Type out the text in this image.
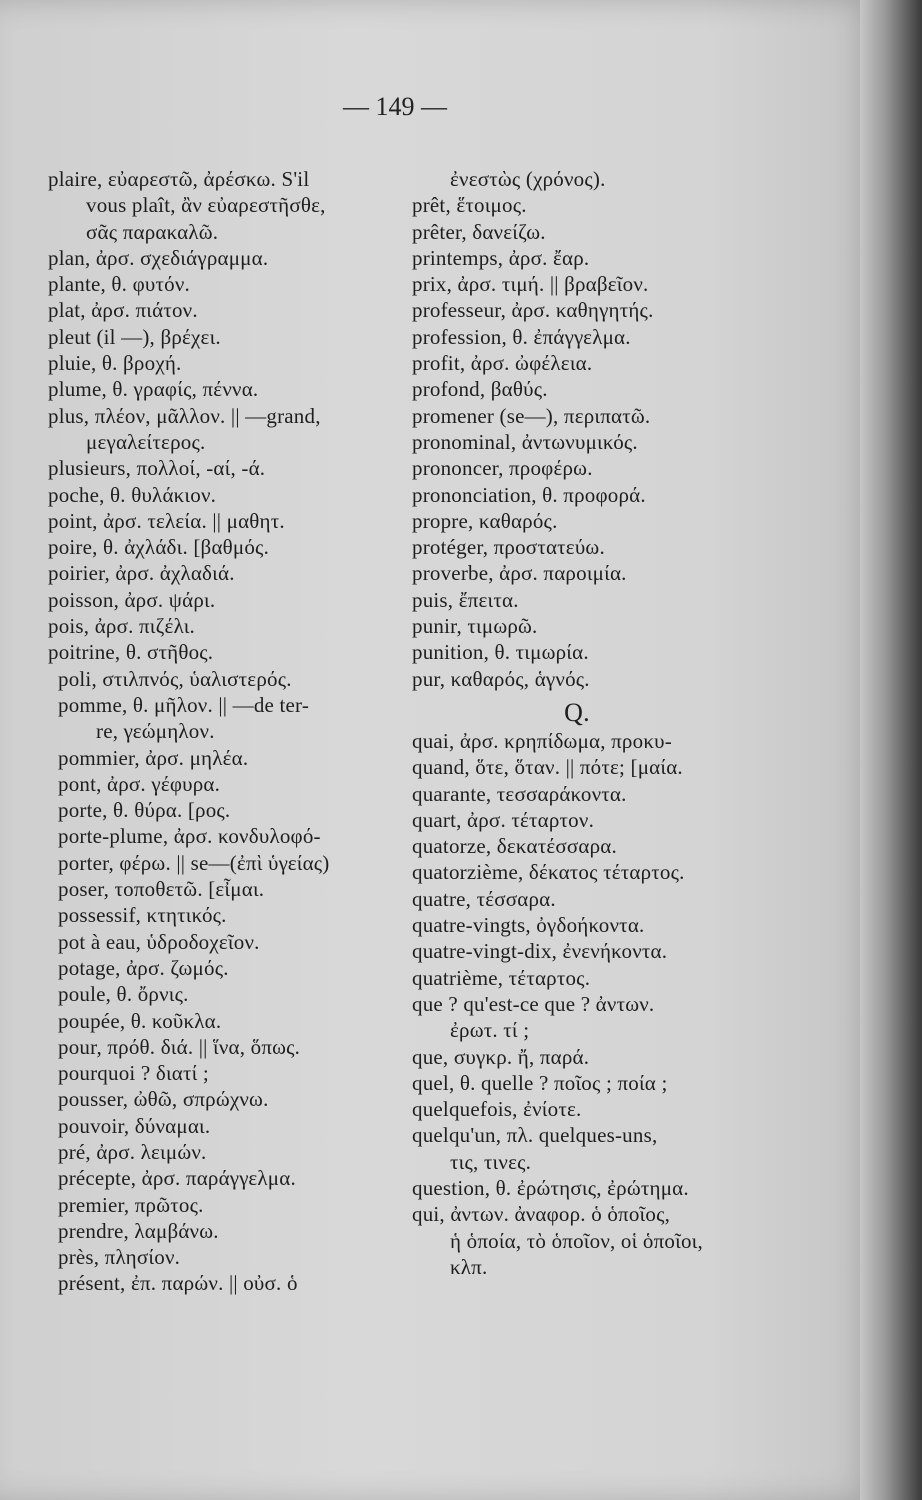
— 149 —
plaire, εὐαρεστῶ, ἀρέσκω. S'il
vous plaît, ἂν εὐαρεστῆσθε,
σᾶς παρακαλῶ.
plan, ἀρσ. σχεδιάγραμμα.
plante, θ. φυτόν.
plat, ἀρσ. πιάτον.
pleut (il —), βρέχει.
pluie, θ. βροχή.
plume, θ. γραφίς, πέννα.
plus, πλέον, μᾶλλον. || —grand,
μεγαλείτερος.
plusieurs, πολλοί, -αί, -ά.
poche, θ. θυλάκιον.
point, ἀρσ. τελεία. || μαθητ.
poire, θ. ἀχλάδι. [βαθμός.
poirier, ἀρσ. ἀχλαδιά.
poisson, ἀρσ. ψάρι.
pois, ἀρσ. πιζέλι.
poitrine, θ. στῆθος.
poli, στιλπνός, ὑαλιστερός.
pomme, θ. μῆλον. || —de ter-
re, γεώμηλον.
pommier, ἀρσ. μηλέα.
pont, ἀρσ. γέφυρα.
porte, θ. θύρα. [ρος.
porte-plume, ἀρσ. κονδυλοφό-
porter, φέρω. || se—(ἐπὶ ὑγείας)
poser, τοποθετῶ. [εἶμαι.
possessif, κτητικός.
pot à eau, ὑδροδοχεῖον.
potage, ἀρσ. ζωμός.
poule, θ. ὄρνις.
poupée, θ. κοῦκλα.
pour, πρόθ. διά. || ἵνα, ὅπως.
pourquoi ? διατί ;
pousser, ὠθῶ, σπρώχνω.
pouvoir, δύναμαι.
pré, ἀρσ. λειμών.
précepte, ἀρσ. παράγγελμα.
premier, πρῶτος.
prendre, λαμβάνω.
près, πλησίον.
présent, ἐπ. παρών. || οὐσ. ὁ
ἐνεστὼς (χρόνος).
prêt, ἕτοιμος.
prêter, δανείζω.
printemps, ἀρσ. ἔαρ.
prix, ἀρσ. τιμή. || βραβεῖον.
professeur, ἀρσ. καθηγητής.
profession, θ. ἐπάγγελμα.
profit, ἀρσ. ὠφέλεια.
profond, βαθύς.
promener (se—), περιπατῶ.
pronominal, ἀντωνυμικός.
prononcer, προφέρω.
prononciation, θ. προφορά.
propre, καθαρός.
protéger, προστατεύω.
proverbe, ἀρσ. παροιμία.
puis, ἔπειτα.
punir, τιμωρῶ.
punition, θ. τιμωρία.
pur, καθαρός, ἁγνός.
Q.
quai, ἀρσ. κρηπίδωμα, προκυ-
quand, ὅτε, ὅταν. || πότε; [μαία.
quarante, τεσσαράκοντα.
quart, ἀρσ. τέταρτον.
quatorze, δεκατέσσαρα.
quatorzième, δέκατος τέταρτος.
quatre, τέσσαρα.
quatre-vingts, ὀγδοήκοντα.
quatre-vingt-dix, ἐνενήκοντα.
quatrième, τέταρτος.
que ? qu'est-ce que ? ἀντων.
ἐρωτ. τί ;
que, συγκρ. ἤ, παρά.
quel, θ. quelle ? ποῖος ; ποία ;
quelquefois, ἐνίοτε.
quelqu'un, πλ. quelques-uns,
τις, τινες.
question, θ. ἐρώτησις, ἐρώτημα.
qui, ἀντων. ἀναφορ. ὁ ὁποῖος,
ἡ ὁποία, τὸ ὁποῖον, οἱ ὁποῖοι,
κλπ.
